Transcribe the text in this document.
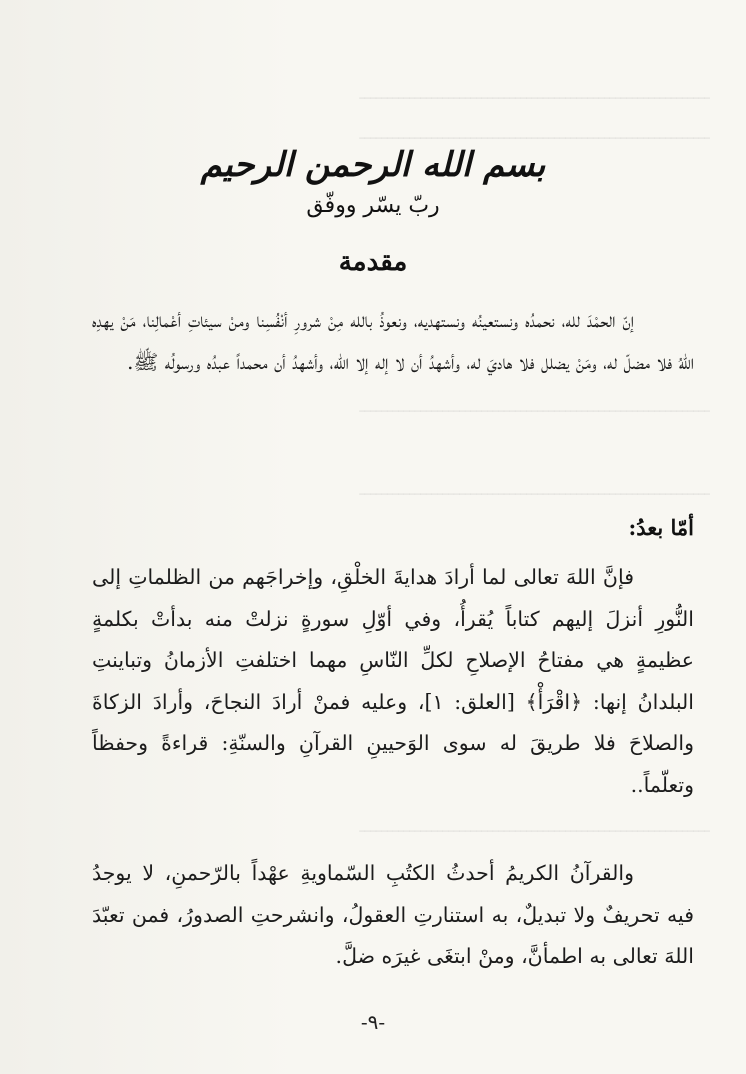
ـــــــــــــــــــــــــــــــــــــــــــــــــــــــــــــــ
ـــــــــــــــــــــــــــــــــــــــــــــــــــــــــــــــ
ـــــــــــــــــــــــــــــــــــــــــــــــــــــــــــــــ
ـــــــــــــــــــــــــــــــــــــــــــــــــــــــــــــــ
ـــــــــــــــــــــــــــــــــــــــــــــــــــــــــــــــ
بسم الله الرحمن الرحيم
ربّ يسّر ووفّق
مقدمة

إنّ الحمْدَ لله، نحمدُه ونستعينُه ونستهديه، ونعوذُ بالله مِنْ شرورِ أنْفُسِنا ومنْ سيئاتِ أعْمالِنا، مَنْ يهدِه اللهُ فلا مضلّ له، ومَنْ يضلل فلا هاديَ له، وأشهدُ أن لا إله إلا الله، وأشهدُ أن محمداً عبدُه ورسولُه ﷺ.

أمّا بعدُ:

فإنَّ اللهَ تعالى لما أرادَ هدايةَ الخلْقِ، وإخراجَهم من الظلماتِ إلى النُّورِ أنزلَ إليهم كتاباً يُقرأُ، وفي أوّلِ سورةٍ نزلتْ منه بدأتْ بكلمةٍ عظيمةٍ هي مفتاحُ الإصلاحِ لكلِّ النّاسِ مهما اختلفتِ الأزمانُ وتباينتِ البلدانُ إنها: ﴿اقْرَأْ﴾ [العلق: ١]، وعليه فمنْ أرادَ النجاحَ، وأرادَ الزكاةَ والصلاحَ فلا طريقَ له سوى الوَحيينِ القرآنِ والسنّةِ: قراءةً وحفظاً وتعلّماً..

والقرآنُ الكريمُ أحدثُ الكتُبِ السّماويةِ عهْداً بالرّحمنِ، لا يوجدُ فيه تحريفٌ ولا تبديلٌ، به استنارتِ العقولُ، وانشرحتِ الصدورُ، فمن تعبّدَ اللهَ تعالى به اطمأنَّ، ومنْ ابتغَى غيرَه ضلَّ.

-٩-
